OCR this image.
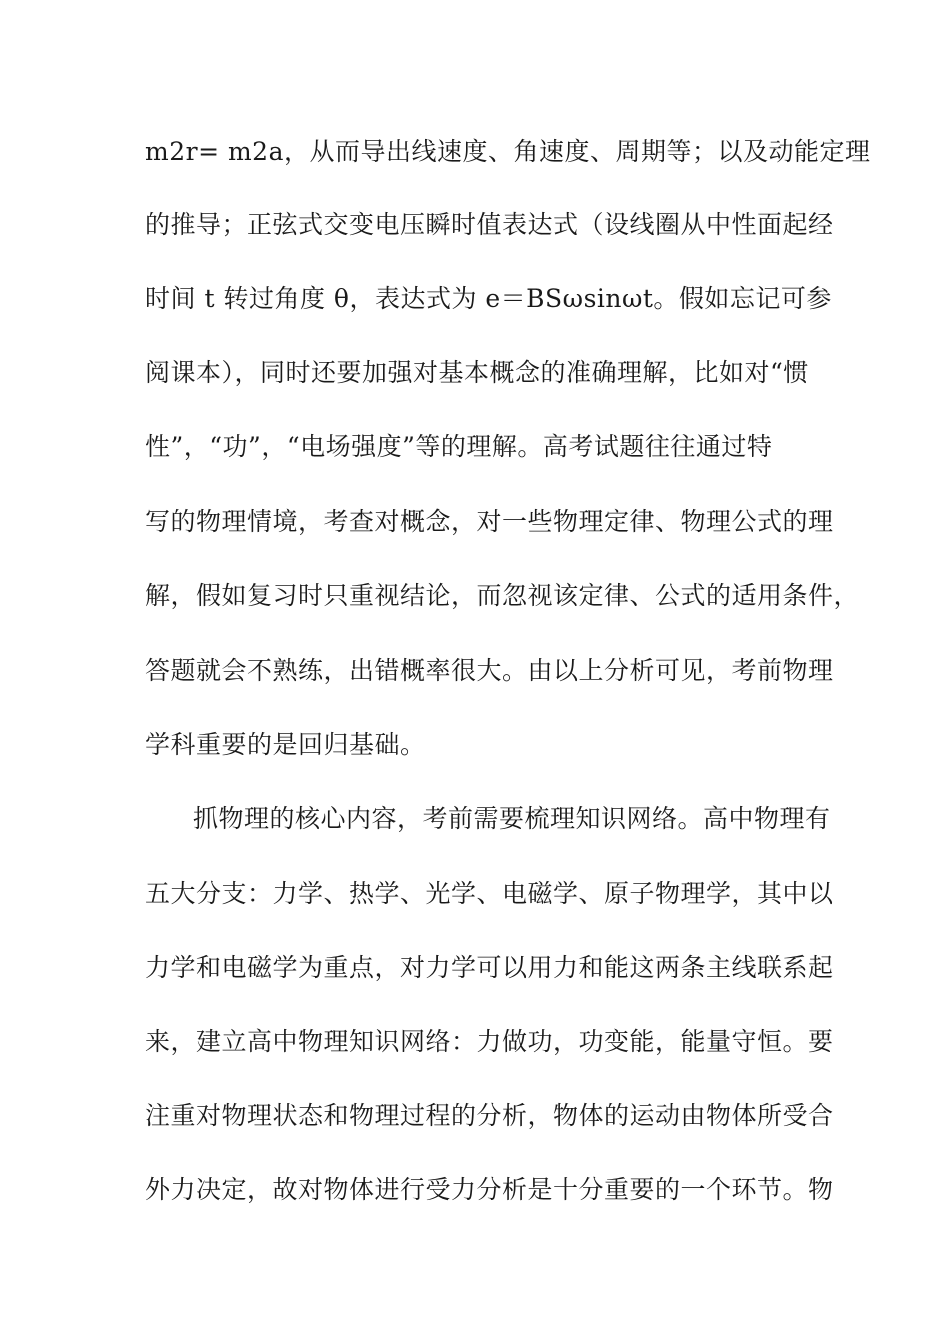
m2r= m2a，从而导出线速度、角速度、周期等；以及动能定理
的推导；正弦式交变电压瞬时值表达式（设线圈从中性面起经
时间 t 转过角度 θ，表达式为 e＝BSωsinωt。假如忘记可参
阅课本），同时还要加强对基本概念的准确理解，比如对“惯
性”，“功”，“电场强度”等的理解。高考试题往往通过特
写的物理情境，考查对概念，对一些物理定律、物理公式的理
解，假如复习时只重视结论，而忽视该定律、公式的适用条件，
答题就会不熟练，出错概率很大。由以上分析可见，考前物理
学科重要的是回归基础。
抓物理的核心内容，考前需要梳理知识网络。高中物理有
五大分支：力学、热学、光学、电磁学、原子物理学，其中以
力学和电磁学为重点，对力学可以用力和能这两条主线联系起
来，建立高中物理知识网络：力做功，功变能，能量守恒。要
注重对物理状态和物理过程的分析，物体的运动由物体所受合
外力决定，故对物体进行受力分析是十分重要的一个环节。物
